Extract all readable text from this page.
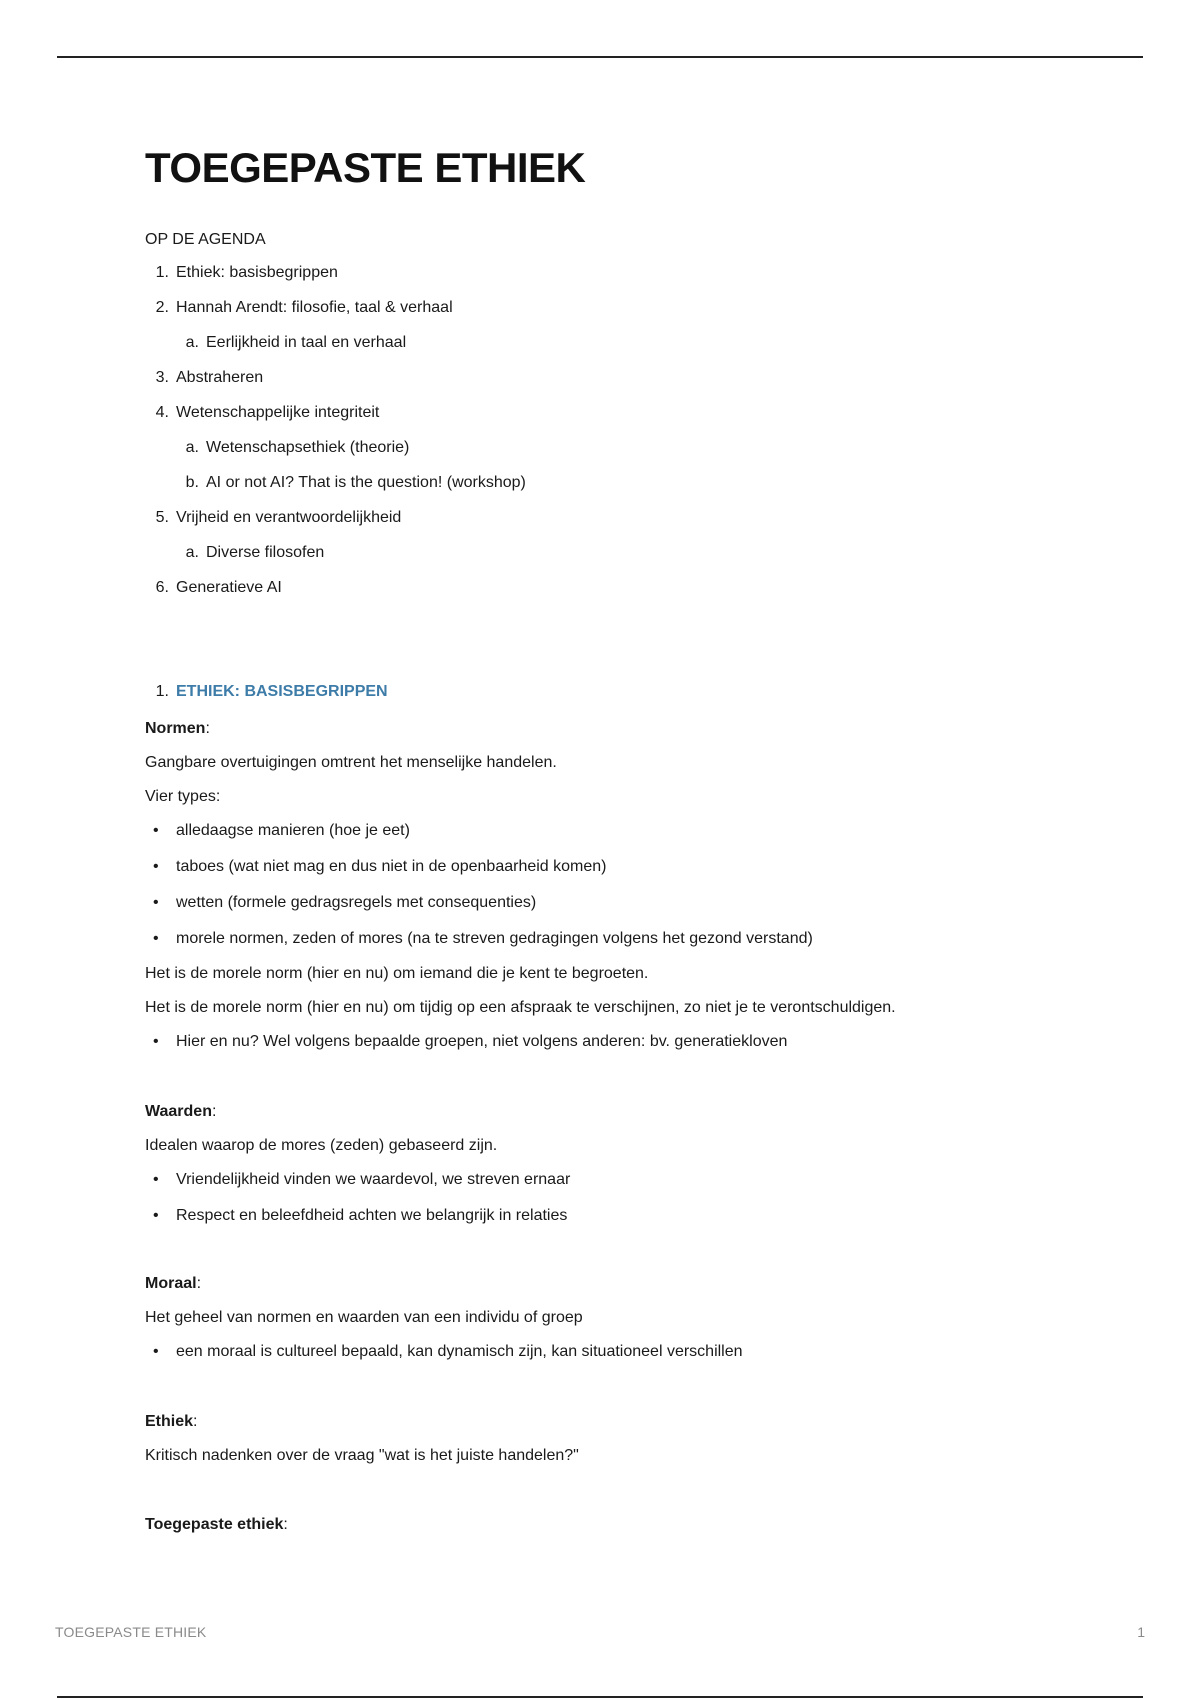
TOEGEPASTE ETHIEK
OP DE AGENDA
1. Ethiek: basisbegrippen
2. Hannah Arendt: filosofie, taal & verhaal
a. Eerlijkheid in taal en verhaal
3. Abstraheren
4. Wetenschappelijke integriteit
a. Wetenschapsethiek (theorie)
b. AI or not AI? That is the question! (workshop)
5. Vrijheid en verantwoordelijkheid
a. Diverse filosofen
6. Generatieve AI
1. ETHIEK: BASISBEGRIPPEN
Normen:
Gangbare overtuigingen omtrent het menselijke handelen.
Vier types:
• alledaagse manieren (hoe je eet)
• taboes (wat niet mag en dus niet in de openbaarheid komen)
• wetten (formele gedragsregels met consequenties)
• morele normen, zeden of mores (na te streven gedragingen volgens het gezond verstand)
Het is de morele norm (hier en nu) om iemand die je kent te begroeten.
Het is de morele norm (hier en nu) om tijdig op een afspraak te verschijnen, zo niet je te verontschuldigen.
• Hier en nu? Wel volgens bepaalde groepen, niet volgens anderen: bv. generatiekloven
Waarden:
Idealen waarop de mores (zeden) gebaseerd zijn.
• Vriendelijkheid vinden we waardevol, we streven ernaar
• Respect en beleefdheid achten we belangrijk in relaties
Moraal:
Het geheel van normen en waarden van een individu of groep
• een moraal is cultureel bepaald, kan dynamisch zijn, kan situationeel verschillen
Ethiek:
Kritisch nadenken over de vraag "wat is het juiste handelen?"
Toegepaste ethiek:
TOEGEPASTE ETHIEK	1
